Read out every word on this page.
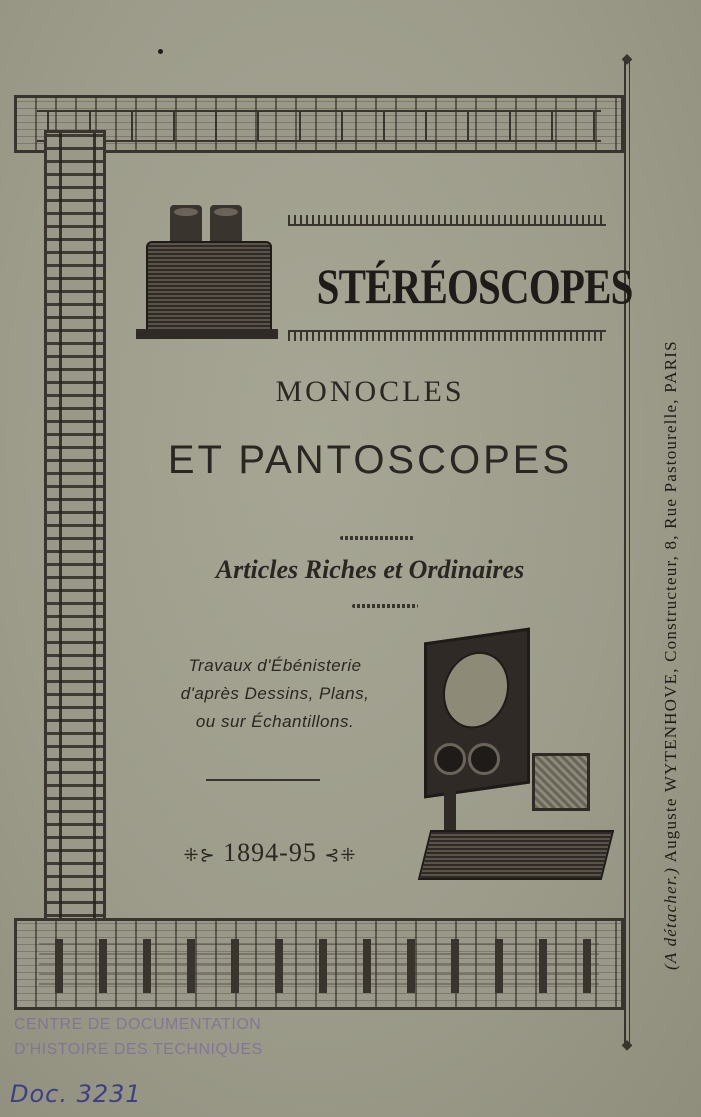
◆
◆
STÉRÉOSCOPES
MONOCLES
ET PANTOSCOPES
Articles Riches et Ordinaires
Travaux d'Ébénisterie
d'après Dessins, Plans,
ou sur Échantillons.
⁜⊱ 1894-95 ⊰⁜
(A détacher.) Auguste WYTENHOVE, Constructeur, 8, Rue Pastourelle, PARIS
CENTRE DE DOCUMENTATION
D'HISTOIRE DES TECHNIQUES
Doc. 3231
